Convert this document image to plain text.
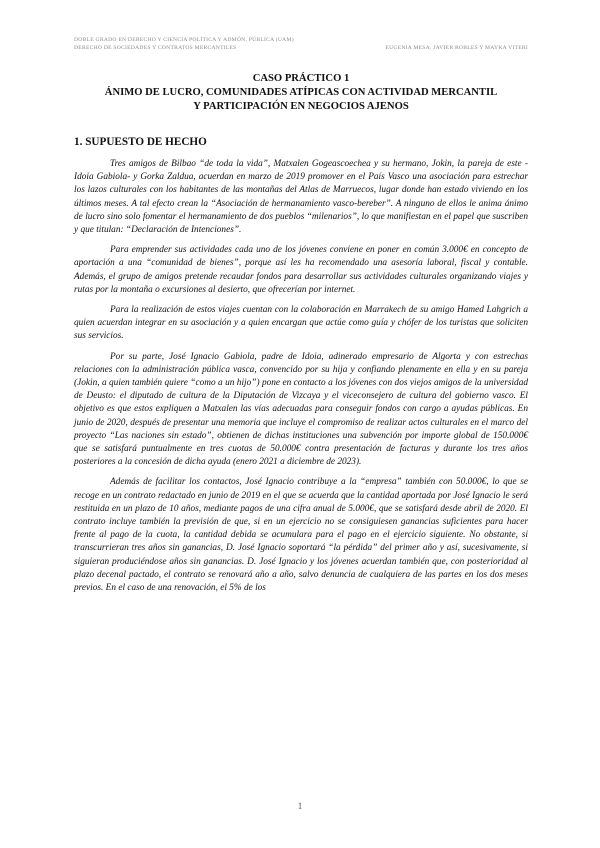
DOBLE GRADO EN DERECHO Y CIENCIA POLÍTICA Y ADMÓN. PÚBLICA (UAM)
DERECHO DE SOCIEDADES Y CONTRATOS MERCANTILES	EUGENIA MESA, JAVIER ROBLES Y MAYKA VITERI
CASO PRÁCTICO 1
ÁNIMO DE LUCRO, COMUNIDADES ATÍPICAS CON ACTIVIDAD MERCANTIL
Y PARTICIPACIÓN EN NEGOCIOS AJENOS
1. SUPUESTO DE HECHO

Tres amigos de Bilbao “de toda la vida”, Matxalen Gogeascoechea y su hermano, Jokin, la pareja de este -Idoia Gabiola- y Gorka Zaldua, acuerdan en marzo de 2019 promover en el País Vasco una asociación para estrechar los lazos culturales con los habitantes de las montañas del Atlas de Marruecos, lugar donde han estado viviendo en los últimos meses. A tal efecto crean la “Asociación de hermanamiento vasco-bereber”. A ninguno de ellos le anima ánimo de lucro sino solo fomentar el hermanamiento de dos pueblos “milenarios”, lo que manifiestan en el papel que suscriben y que titulan: “Declaración de Intenciones”.

Para emprender sus actividades cada uno de los jóvenes conviene en poner en común 3.000€ en concepto de aportación a una “comunidad de bienes”, porque así les ha recomendado una asesoría laboral, fiscal y contable. Además, el grupo de amigos pretende recaudar fondos para desarrollar sus actividades culturales organizando viajes y rutas por la montaña o excursiones al desierto, que ofrecerían por internet.

Para la realización de estos viajes cuentan con la colaboración en Marrakech de su amigo Hamed Lahgrich a quien acuerdan integrar en su asociación y a quien encargan que actúe como guía y chófer de los turistas que soliciten sus servicios.

Por su parte, José Ignacio Gabiola, padre de Idoia, adinerado empresario de Algorta y con estrechas relaciones con la administración pública vasca, convencido por su hija y confiando plenamente en ella y en su pareja (Jokin, a quien también quiere “como a un hijo”) pone en contacto a los jóvenes con dos viejos amigos de la universidad de Deusto: el diputado de cultura de la Diputación de Vizcaya y el viceconsejero de cultura del gobierno vasco. El objetivo es que estos expliquen a Matxalen las vías adecuadas para conseguir fondos con cargo a ayudas públicas. En junio de 2020, después de presentar una memoria que incluye el compromiso de realizar actos culturales en el marco del proyecto “Las naciones sin estado”, obtienen de dichas instituciones una subvención por importe global de 150.000€ que se satisfará puntualmente en tres cuotas de 50.000€ contra presentación de facturas y durante los tres años posteriores a la concesión de dicha ayuda (enero 2021 a diciembre de 2023).

Además de facilitar los contactos, José Ignacio contribuye a la “empresa” también con 50.000€, lo que se recoge en un contrato redactado en junio de 2019 en el que se acuerda que la cantidad aportada por José Ignacio le será restituida en un plazo de 10 años, mediante pagos de una cifra anual de 5.000€, que se satisfará desde abril de 2020. El contrato incluye también la previsión de que, si en un ejercicio no se consiguiesen ganancias suficientes para hacer frente al pago de la cuota, la cantidad debida se acumulara para el pago en el ejercicio siguiente. No obstante, si transcurrieran tres años sin ganancias, D. José Ignacio soportará “la pérdida” del primer año y así, sucesivamente, si siguieran produciéndose años sin ganancias. D. José Ignacio y los jóvenes acuerdan también que, con posterioridad al plazo decenal pactado, el contrato se renovará año a año, salvo denuncia de cualquiera de las partes en los dos meses previos. En el caso de una renovación, el 5% de los

1
